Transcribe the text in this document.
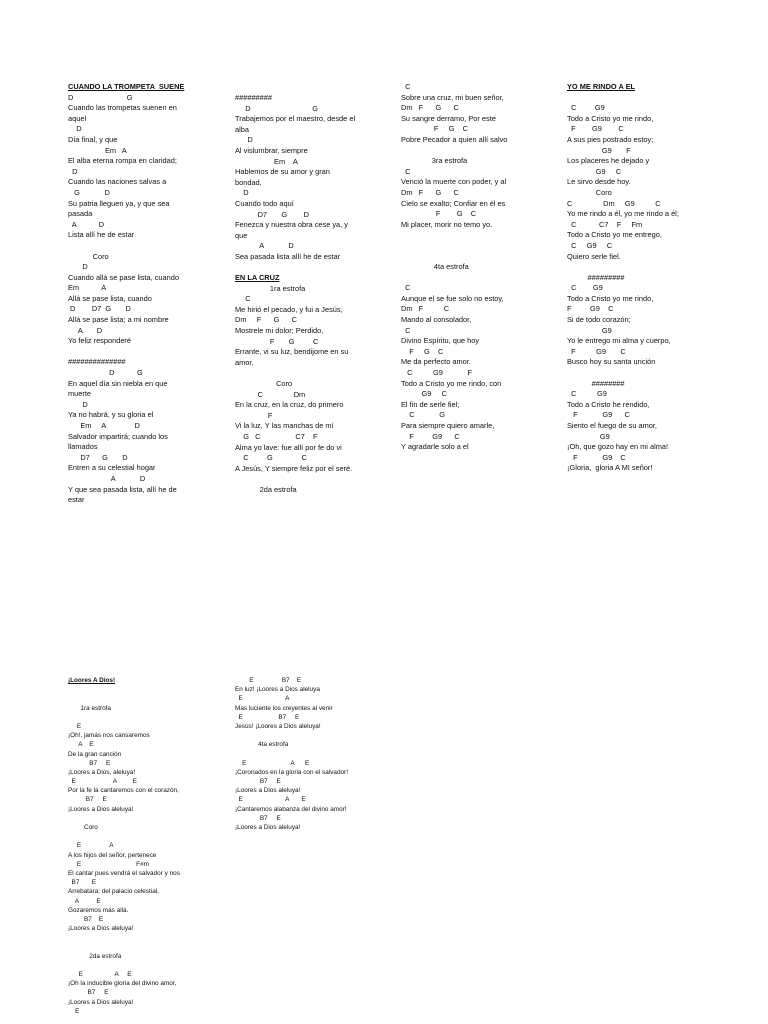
CUANDO LA TROMPETA  SUENE
D                          G
Cuando las trompetas suenen en
aquel
D
Día final, y que
Em   A
El alba eterna rompa en claridad;
D
Cuando las naciones salvas a
G            D
Su patria lleguen ya, y que sea
pasada
A           D
Lista allí he de estar
Coro
D
Cuando allá se pase lista, cuando
Em           A
Allá se pase lista, cuando
D        D7  G       D
Allá se pase lista; a mi nombre
A       D
Yo feliz responderé
##############
D           G
En aquel día sin niebla en que
muerte
D
Ya no habrá, y su gloria el
Em     A              D
Salvador impartirá; cuando los
llamados
D7      G       D
Entren a su celestial hogar
A            D
Y que sea pasada lista, allí he de
estar
#########
D                              G
Trabajemos por el maestro, desde el
alba
D
Al vislumbrar, siempre
Em    A
Hablemos de su amor y gran
bondad,
D
Cuando todo aquí
D7       G        D
Fenezca y nuestra obra cese ya, y
que
A            D
Sea pasada lista allí he de estar
EN LA CRUZ
1ra estrofa
C
Me hirió el pecado, y fui a Jesús,
Dm     F      G      C
Mostrele mi dolor; Perdido,
F       G         C
Errante, vi su luz, bendijome en su
amor.
Coro
C               Dm
En la cruz, en la cruz, do primero
F
Vi la luz, Y las manchas de mí
G   C                 C7    F
Alma yo lave: fue allí por fe do vi
C         G              C
A Jesús, Y siempre feliz por el seré.
2da estrofa
C
Sobre una cruz, mi buen señor,
Dm   F      G      C
Su sangre derramo, Por este
F     G    C
Pobre Pecador a quien allí salvo
3ra estrofa
C
Venció la muerte con poder, y al
Dm   F      G      C
Cielo se exalto; Confiar en él es
F        G    C
Mi placer, morir no temo yo.
4ta estrofa
C
Aunque el se fue solo no estoy,
Dm   F          C
Mando al consolador,
C
Divino Espíritu, que hoy
F     G    C
Me da perfecto amor.
C          G9            F
Todo a Cristo yo me rindo, con
G9     C
El fin de serle fiel;
C            G
Para siempre quiero amarle,
F         G9      C
Y agradarle solo a el
YO ME RINDO A EL
C         G9
Todo a Cristo yo me rindo,
F        G9        C
A sus pies postrado estoy;
G9       F
Los placeres he dejado y
G9     C
Le sirvo desde hoy.
Coro
C               Dm     G9          C
Yo me rindo a él, yo me rindo a él;
C           C7    F     Fm
Todo a Cristo yo me entrego,
C     G9     C
Quiero serle fiel.
#########
C        G9
Todo a Cristo yo me rindo,
F         G9    C
Si de todo corazón;
G9
Yo le entrego mi alma y cuerpo,
F          G9       C
Busco hoy su santa unción
########
C          G9
Todo a Cristo he rendido,
F            G9      C
Siento el fuego de su amor,
G9
¡Oh, que gozo hay en mi alma!
F            G9    C
¡Gloria,  gloria A MI señor!
¡Loores A Dios!
1ra estrofa
E
¡Oh!, jamás nos cansaremos
A    E
De la gran canción
B7     E
¡Loores a Dios, aleluya!
E                     A         E
Por la fe la cantaremos con el corazón,
B7     E
¡Loores a Dios aleluya!
Coro
E                A
A los hijos del señor, pertenece
E                               F#m
El cantar pues vendrá el salvador y nos
B7       E
Arrebatara; del palacio celestial,
A          E
Gozaremos más allá.
B7    E
¡Loores a Dios aleluya!
2da estrofa
E                  A     E
¡Oh la inducible gloria del divino amor,
B7     E
¡Loores a Dios aleluya!
E
E                B7    E
En luz! ¡Loores a Dios aleluya
E                        A
Mas luciente los creyentes al venir
E                    B7     E
Jesús! ¡Loores a Dios aleluya!
4ta estrofa
E                         A      E
¡Coronados en la gloria con el salvador!
B7     E
¡Loores a Dios aleluya!
E                        A       E
¡Cantaremos alabanza del divino amor!
B7     E
¡Loores a Dios aleluya!
